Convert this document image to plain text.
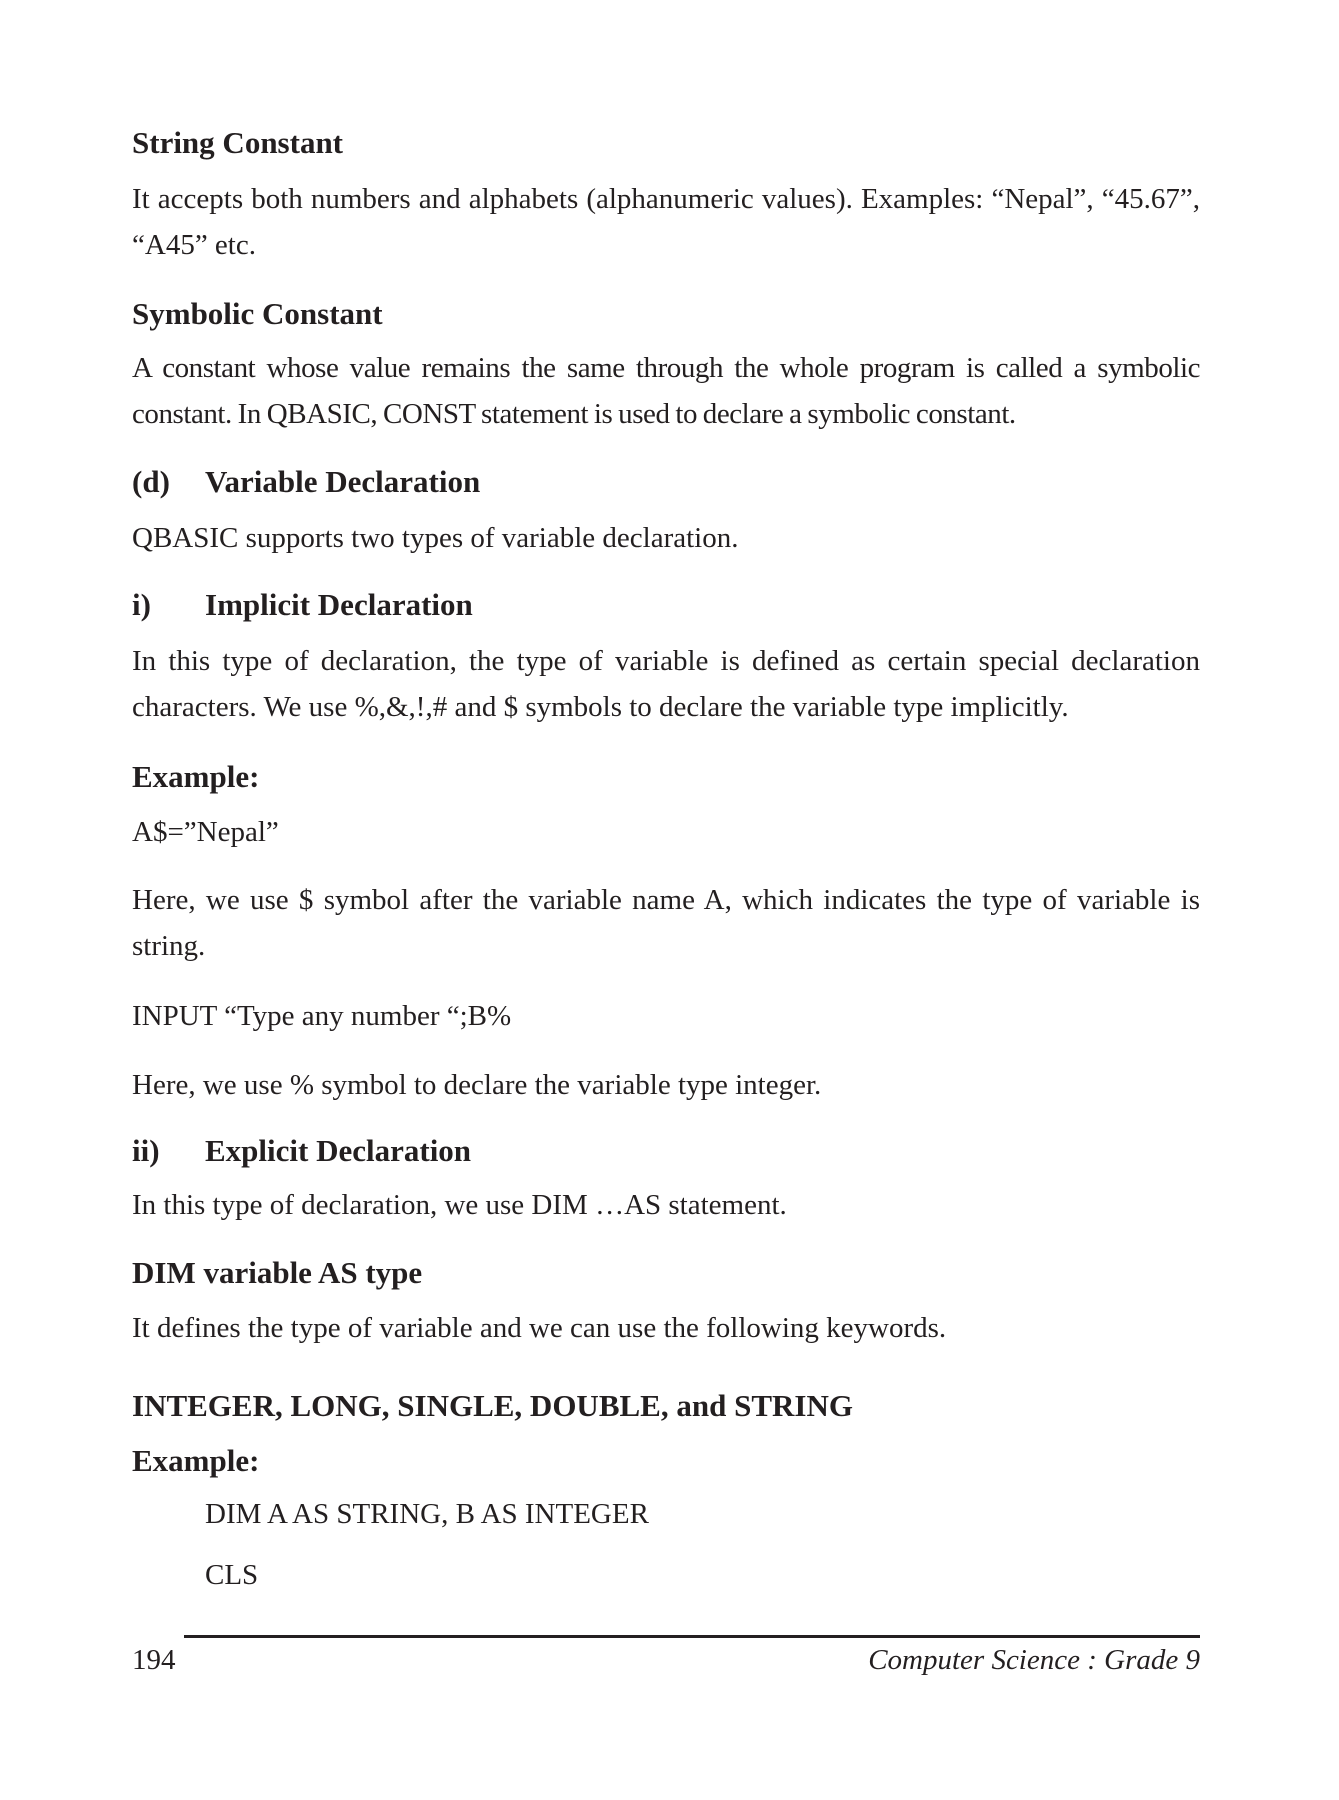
String Constant
It accepts both numbers and alphabets (alphanumeric values). Examples: “Nepal”, “45.67”, “A45” etc.
Symbolic Constant
A constant whose value remains the same through the whole program is called a symbolic constant. In QBASIC, CONST statement is used to declare a symbolic constant.
(d) Variable Declaration
QBASIC supports two types of variable declaration.
i) Implicit Declaration
In this type of declaration, the type of variable is defined as certain special declaration characters. We use %,&,!,# and $ symbols to declare the variable type implicitly.
Example:
A$=”Nepal”
Here, we use $ symbol after the variable name A, which indicates the type of variable is string.
INPUT “Type any number “;B%
Here, we use % symbol to declare the variable type integer.
ii) Explicit Declaration
In this type of declaration, we use DIM …AS statement.
DIM variable AS type
It defines the type of variable and we can use the following keywords.
INTEGER, LONG, SINGLE, DOUBLE, and STRING
Example:
DIM A AS STRING, B AS INTEGER
CLS
194	Computer Science : Grade 9
